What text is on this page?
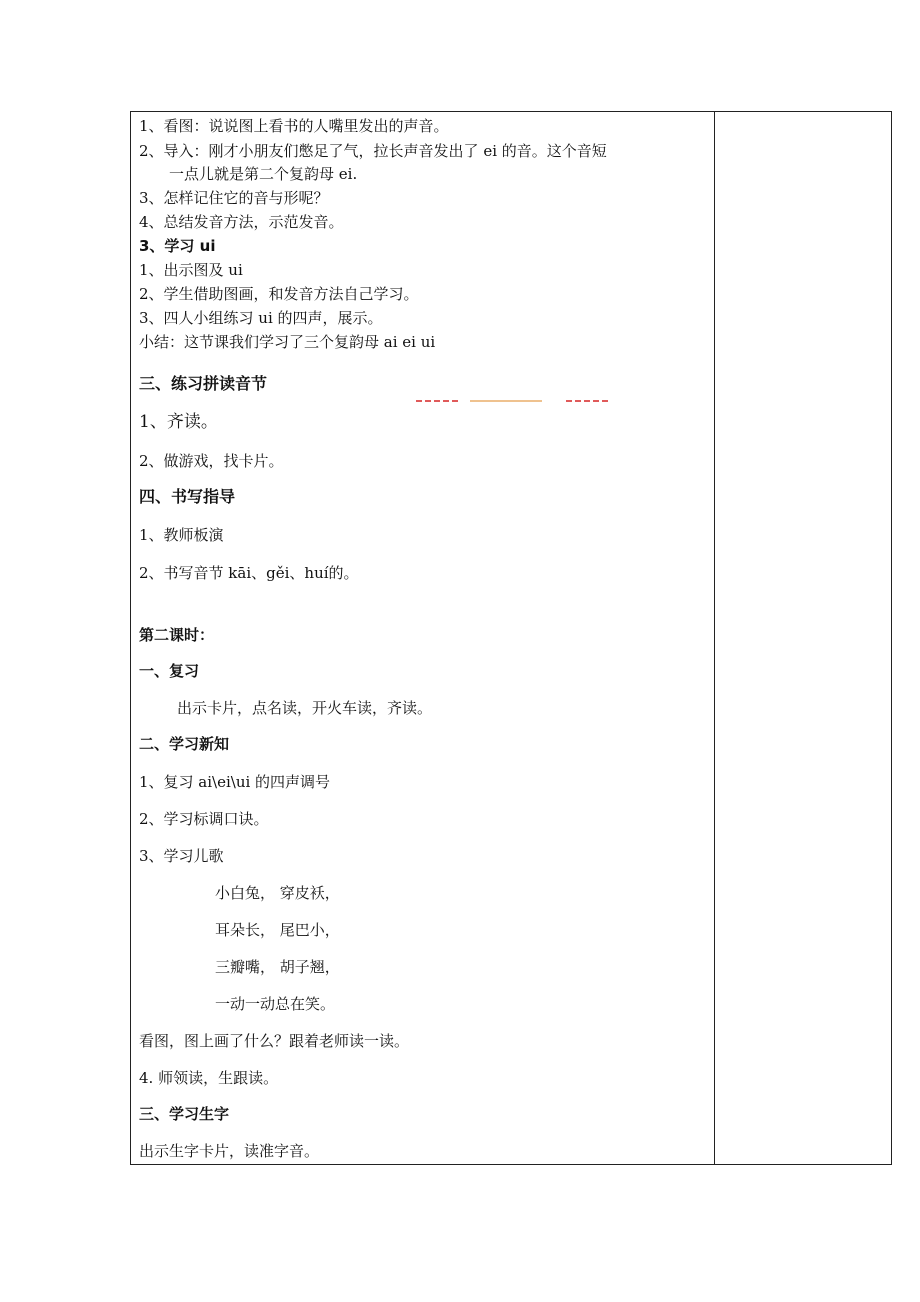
1、看图：说说图上看书的人嘴里发出的声音。
2、导入：刚才小朋友们憋足了气，拉长声音发出了 ei 的音。这个音短
一点儿就是第二个复韵母 ei.
3、怎样记住它的音与形呢？
4、总结发音方法，示范发音。
3、学习 ui
1、出示图及 ui
2、学生借助图画，和发音方法自己学习。
3、四人小组练习 ui 的四声，展示。
小结：这节课我们学习了三个复韵母 ai ei ui
三、练习拼读音节
1、齐读。
2、做游戏，找卡片。
四、书写指导
1、教师板演
2、书写音节 kāi、gěi、huí的。
第二课时：
一、复习
出示卡片，点名读，开火车读，齐读。
二、学习新知
1、复习 ai\ei\ui 的四声调号
2、学习标调口诀。
3、学习儿歌
小白兔， 穿皮袄，
耳朵长， 尾巴小，
三瓣嘴， 胡子翘，
一动一动总在笑。
看图，图上画了什么？跟着老师读一读。
4. 师领读，生跟读。
三、学习生字
出示生字卡片，读准字音。
